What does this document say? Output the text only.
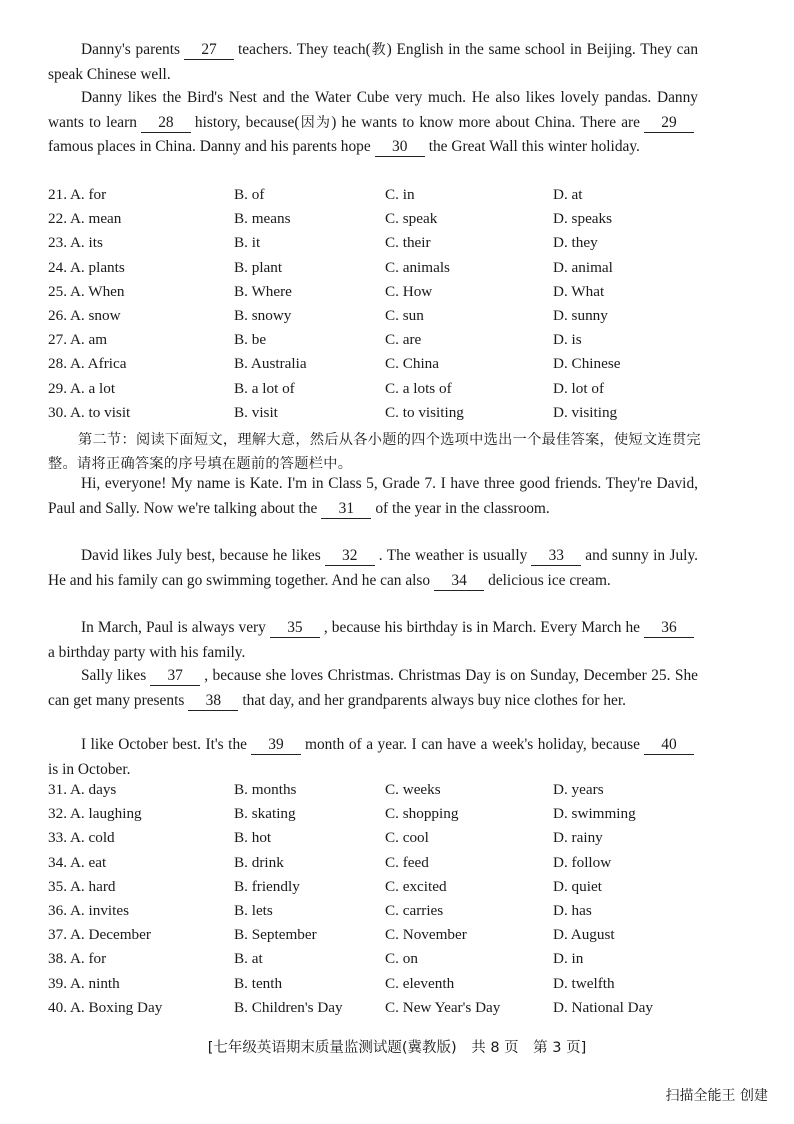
Danny's parents 27 teachers. They teach(教) English in the same school in Beijing. They can speak Chinese well.

Danny likes the Bird's Nest and the Water Cube very much. He also likes lovely pandas. Danny wants to learn 28 history, because(因为) he wants to know more about China. There are 29famous places in China. Danny and his parents hope 30 the Great Wall this winter holiday.

21. A. for	B. of	C. in	D. at
22. A. mean	B. means	C. speak	D. speaks
23. A. its	B. it	C. their	D. they
24. A. plants	B. plant	C. animals	D. animal
25. A. When	B. Where	C. How	D. What
26. A. snow	B. snowy	C. sun	D. sunny
27. A. am	B. be	C. are	D. is
28. A. Africa	B. Australia	C. China	D. Chinese
29. A. a lot	B. a lot of	C. a lots of	D. lot of
30. A. to visit	B. visit	C. to visiting	D. visiting

第二节：阅读下面短文，理解大意，然后从各小题的四个选项中选出一个最佳答案，使短文连贯完整。请将正确答案的序号填在题前的答题栏中。

Hi, everyone! My name is Kate. I'm in Class 5, Grade 7. I have three good friends. They're David, Paul and Sally. Now we're talking about the 31 of the year in the classroom.

David likes July best, because he likes 32 . The weather is usually 33 and sunny in July. He and his family can go swimming together. And he can also 34 delicious ice cream.

In March, Paul is always very 35 , because his birthday is in March. Every March he 36a birthday party with his family.

Sally likes 37 , because she loves Christmas. Christmas Day is on Sunday, December 25. She can get many presents 38 that day, and her grandparents always buy nice clothes for her.

I like October best. It's the 39 month of a year. I can have a week's holiday, because 40is in October.

31. A. days	B. months	C. weeks	D. years
32. A. laughing	B. skating	C. shopping	D. swimming
33. A. cold	B. hot	C. cool	D. rainy
34. A. eat	B. drink	C. feed	D. follow
35. A. hard	B. friendly	C. excited	D. quiet
36. A. invites	B. lets	C. carries	D. has
37. A. December	B. September	C. November	D. August
38. A. for	B. at	C. on	D. in
39. A. ninth	B. tenth	C. eleventh	D. twelfth
40. A. Boxing Day	B. Children's Day	C. New Year's Day	D. National Day
[七年级英语期末质量监测试题(冀教版)　共 8 页　第 3 页]
扫描全能王 创建
